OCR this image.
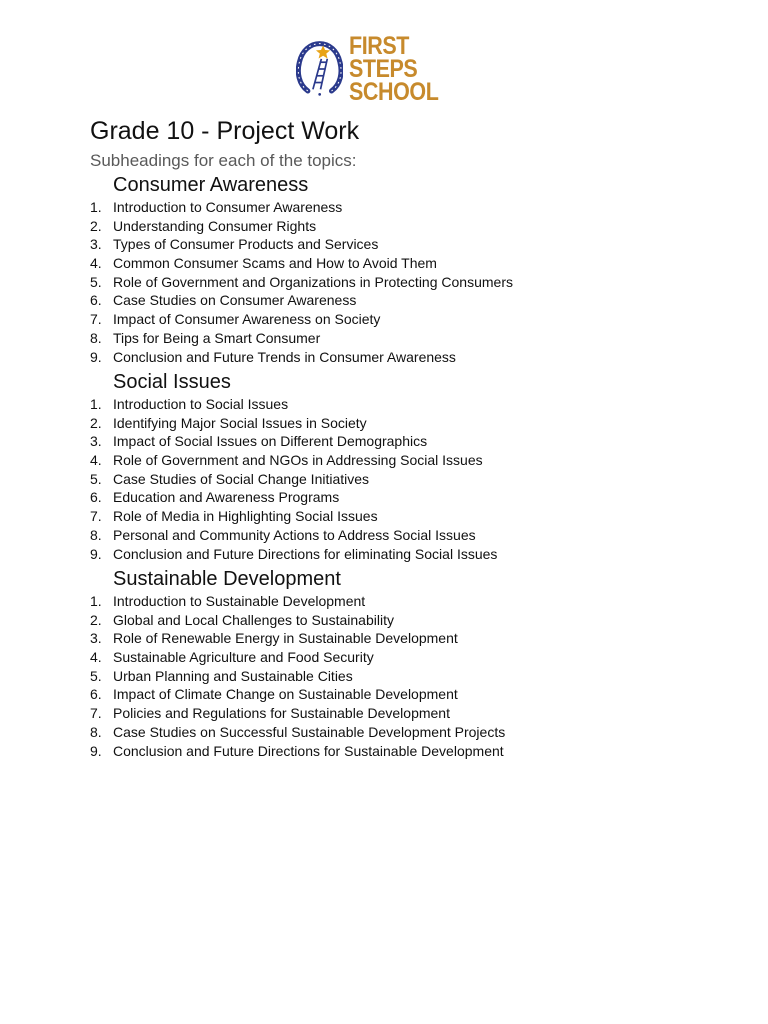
FIRST STEPS
SCHOOL
Grade 10 - Project Work

Subheadings for each of the topics:

Consumer Awareness
1. Introduction to Consumer Awareness
2. Understanding Consumer Rights
3. Types of Consumer Products and Services
4. Common Consumer Scams and How to Avoid Them
5. Role of Government and Organizations in Protecting Consumers
6. Case Studies on Consumer Awareness
7. Impact of Consumer Awareness on Society
8. Tips for Being a Smart Consumer
9. Conclusion and Future Trends in Consumer Awareness
Social Issues
1. Introduction to Social Issues
2. Identifying Major Social Issues in Society
3. Impact of Social Issues on Different Demographics
4. Role of Government and NGOs in Addressing Social Issues
5. Case Studies of Social Change Initiatives
6. Education and Awareness Programs
7. Role of Media in Highlighting Social Issues
8. Personal and Community Actions to Address Social Issues
9. Conclusion and Future Directions for eliminating Social Issues
Sustainable Development
1. Introduction to Sustainable Development
2. Global and Local Challenges to Sustainability
3. Role of Renewable Energy in Sustainable Development
4. Sustainable Agriculture and Food Security
5. Urban Planning and Sustainable Cities
6. Impact of Climate Change on Sustainable Development
7. Policies and Regulations for Sustainable Development
8. Case Studies on Successful Sustainable Development Projects
9. Conclusion and Future Directions for Sustainable Development
